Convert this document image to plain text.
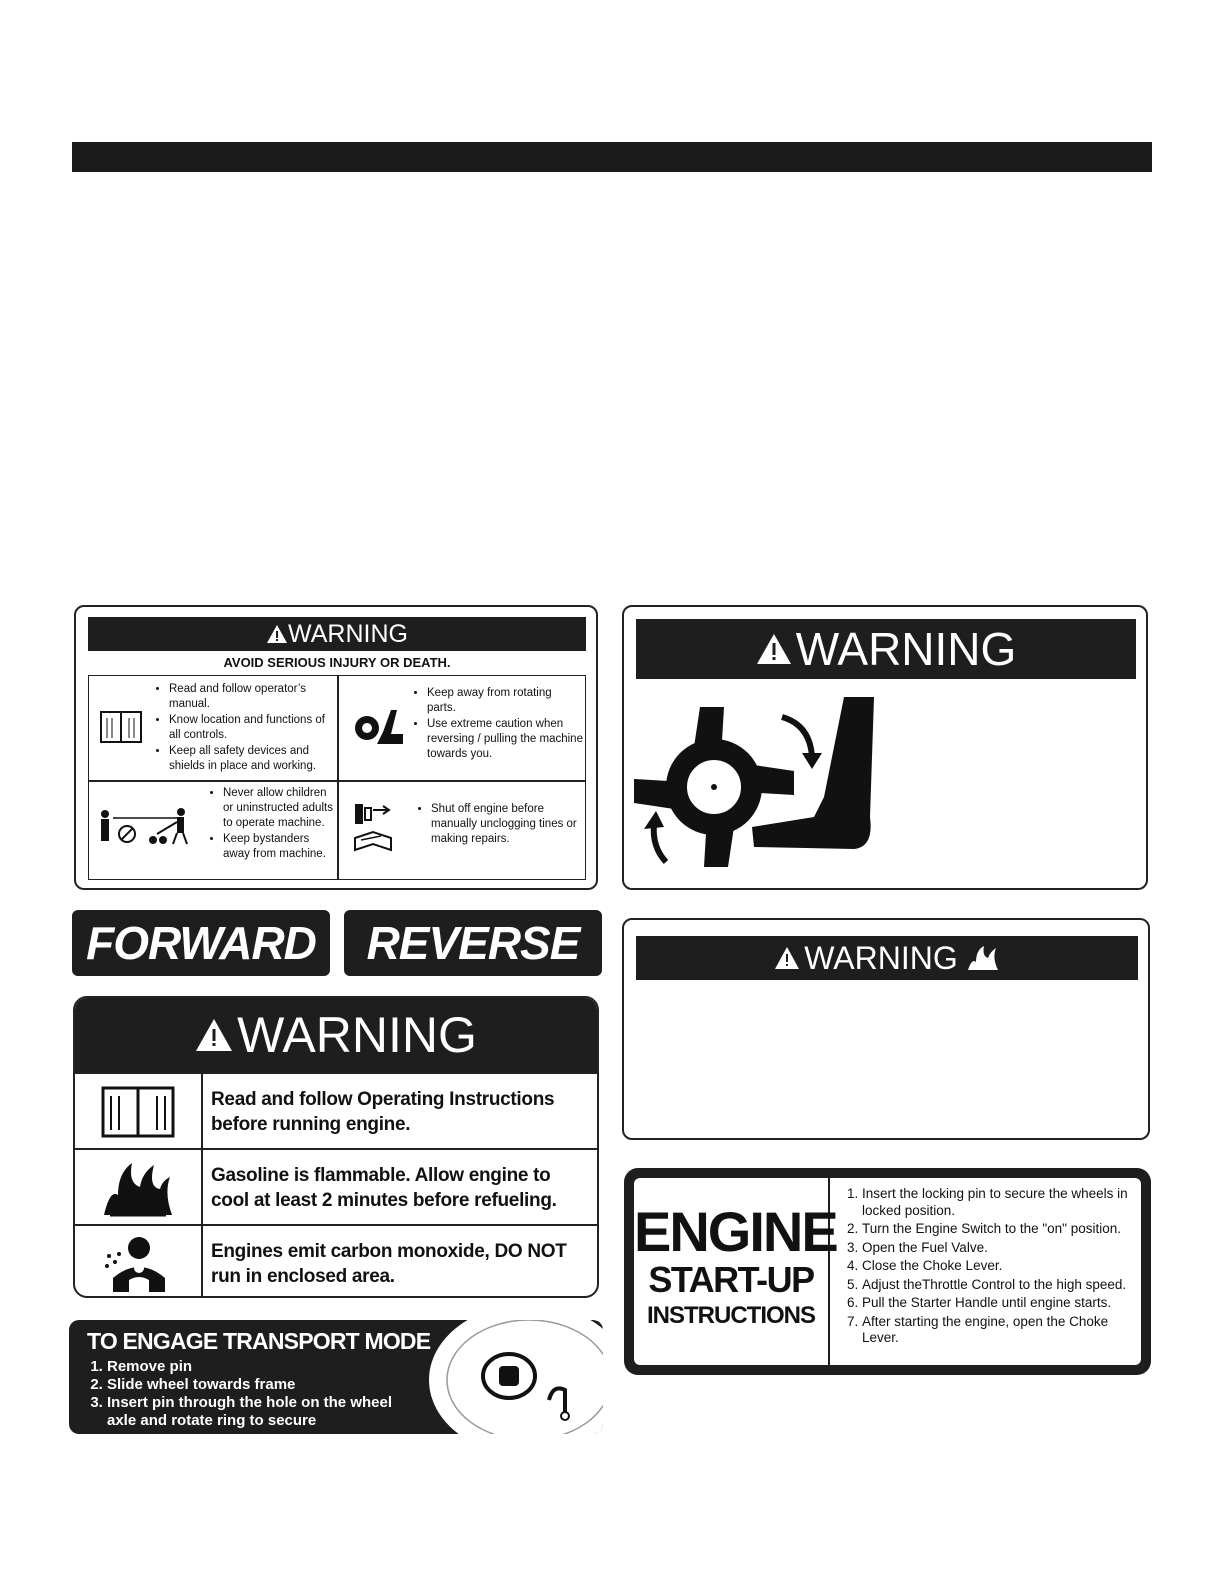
WARNING
AVOID SERIOUS INJURY OR DEATH.
• Read and follow operator’s manual.
• Know location and functions of all controls.
• Keep all safety devices and shields in place and working.
• Keep away from rotating parts.
• Use extreme caution when reversing / pulling the machine towards you.
• Never allow children or uninstructed adults to operate machine.
• Keep bystanders away from machine.
• Shut off engine before manually unclogging tines or making repairs.
WARNING
FORWARD	REVERSE	WARNING
WARNING
Read and follow Operating Instructions before running engine.
Gasoline is flammable. Allow engine to cool at least 2 minutes before refueling.
Engines emit carbon monoxide, DO NOT run in enclosed area.
TO ENGAGE TRANSPORT MODE
1. Remove pin
2. Slide wheel towards frame
3. Insert pin through the hole on the wheel axle and rotate ring to secure
ENGINE
START-UP
INSTRUCTIONS
1. Insert the locking pin to secure the wheels in locked position.
2. Turn the Engine Switch to the "on" position.
3. Open the Fuel Valve.
4. Close the Choke Lever.
5. Adjust theThrottle Control to the high speed.
6. Pull the Starter Handle until engine starts.
7. After starting the engine, open the Choke Lever.
